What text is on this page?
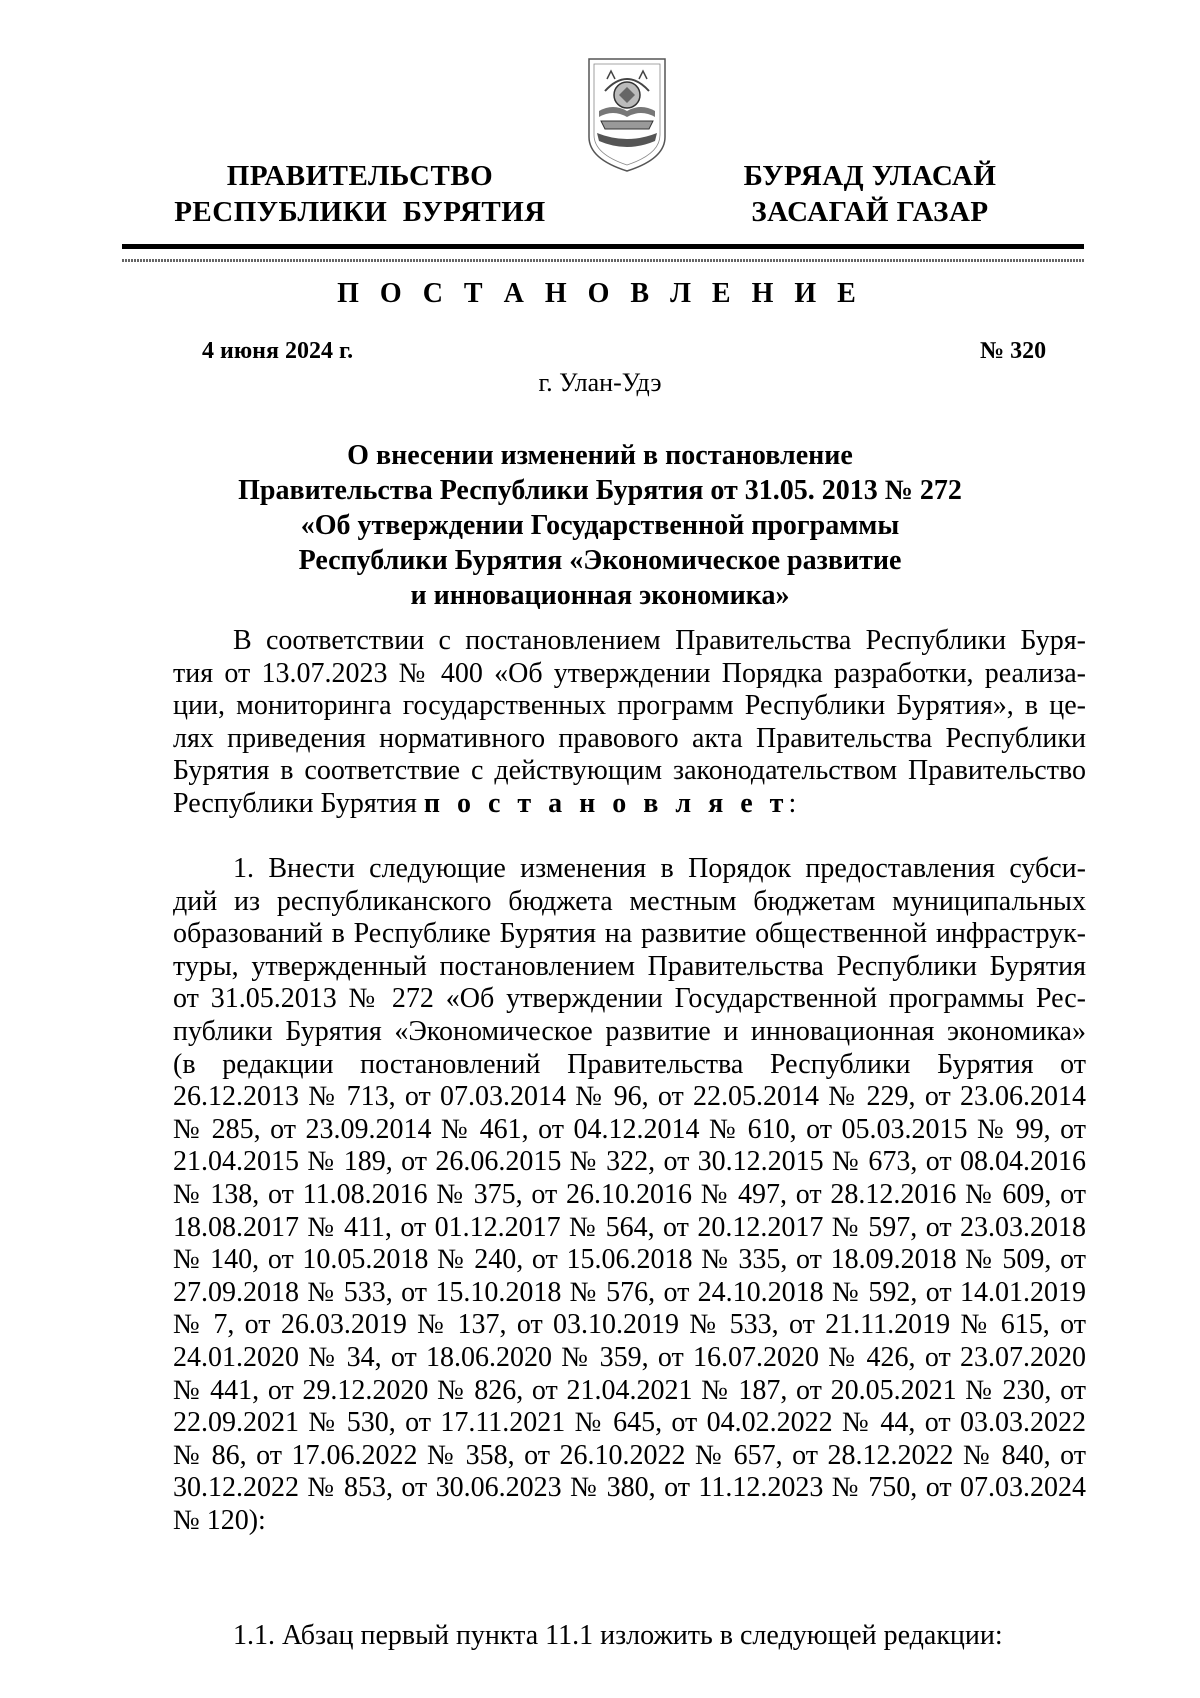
ПРАВИТЕЛЬСТВО
РЕСПУБЛИКИ  БУРЯТИЯ
БУРЯАД УЛАСАЙ
ЗАСАГАЙ ГАЗАР
П О С Т А Н О В Л Е Н И Е
4 июня 2024 г.	№ 320
г. Улан-Удэ
О внесении изменений в постановление
Правительства Республики Бурятия от 31.05. 2013 № 272
«Об утверждении Государственной программы
Республики Бурятия «Экономическое развитие
и инновационная экономика»
В соответствии с постановлением Правительства Республики Буря-
тия от 13.07.2023 № 400 «Об утверждении Порядка разработки, реализа-
ции, мониторинга государственных программ Республики Бурятия», в це-
лях приведения нормативного правового акта Правительства Республики
Бурятия в соответствие с действующим законодательством Правительство
Республики Бурятия п о с т а н о в л я е т:
1. Внести следующие изменения в Порядок предоставления субси-
дий из республиканского бюджета местным бюджетам муниципальных
образований в Республике Бурятия на развитие общественной инфраструк-
туры, утвержденный постановлением Правительства Республики Бурятия
от 31.05.2013 № 272 «Об утверждении Государственной программы Рес-
публики Бурятия «Экономическое развитие и инновационная экономика»
(в редакции постановлений Правительства Республики Бурятия от
26.12.2013 № 713, от 07.03.2014 № 96, от 22.05.2014 № 229, от 23.06.2014
№ 285, от 23.09.2014 № 461, от 04.12.2014 № 610, от 05.03.2015 № 99, от
21.04.2015 № 189, от 26.06.2015 № 322, от 30.12.2015 № 673, от 08.04.2016
№ 138, от 11.08.2016 № 375, от 26.10.2016 № 497, от 28.12.2016 № 609, от
18.08.2017 № 411, от 01.12.2017 № 564, от 20.12.2017 № 597, от 23.03.2018
№ 140, от 10.05.2018 № 240, от 15.06.2018 № 335, от 18.09.2018 № 509, от
27.09.2018 № 533, от 15.10.2018 № 576, от 24.10.2018 № 592, от 14.01.2019
№ 7, от 26.03.2019 № 137, от 03.10.2019 № 533, от 21.11.2019 № 615, от
24.01.2020 № 34, от 18.06.2020 № 359, от 16.07.2020 № 426, от 23.07.2020
№ 441, от 29.12.2020 № 826, от 21.04.2021 № 187, от 20.05.2021 № 230, от
22.09.2021 № 530, от 17.11.2021 № 645, от 04.02.2022 № 44, от 03.03.2022
№ 86, от 17.06.2022 № 358, от 26.10.2022 № 657, от 28.12.2022 № 840, от
30.12.2022 № 853, от 30.06.2023 № 380, от 11.12.2023 № 750, от 07.03.2024
№ 120):
1.1. Абзац первый пункта 11.1 изложить в следующей редакции:
